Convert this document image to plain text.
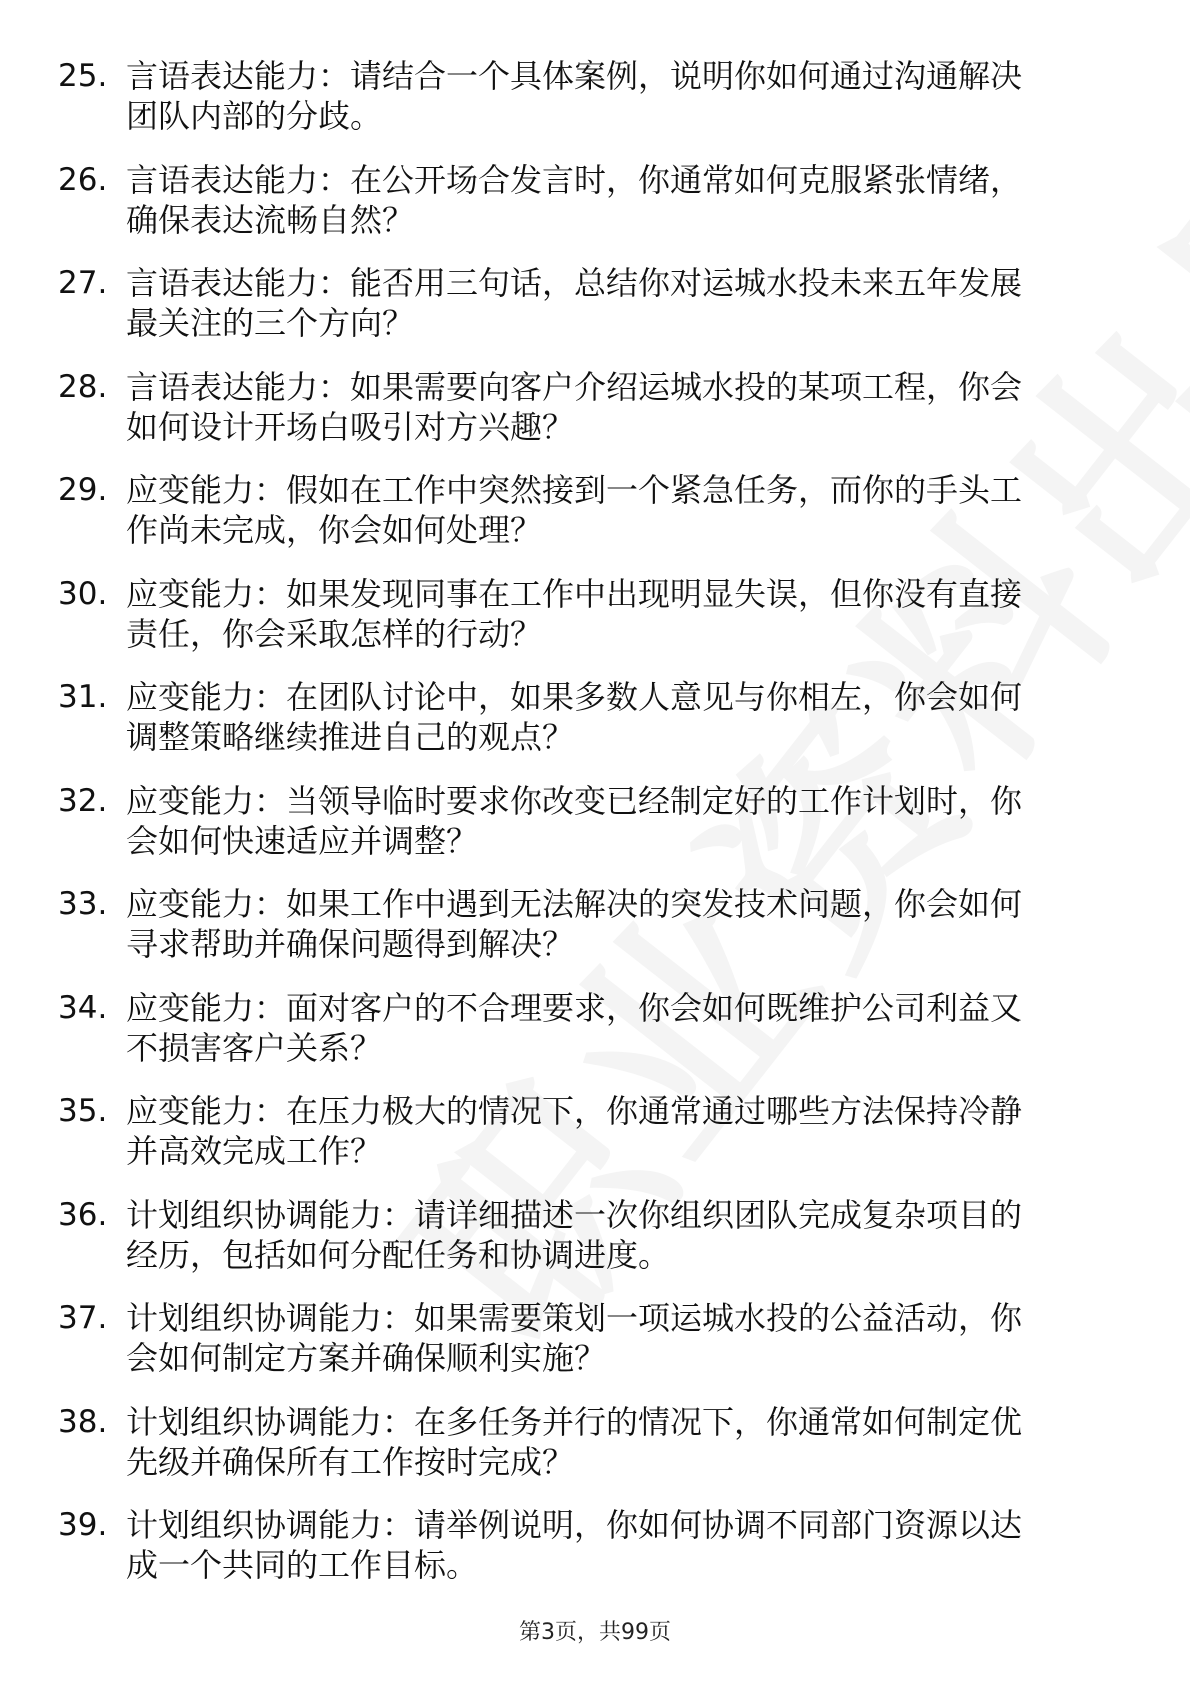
25. 言语表达能力：请结合一个具体案例，说明你如何通过沟通解决
团队内部的分歧。
26. 言语表达能力：在公开场合发言时，你通常如何克服紧张情绪，
确保表达流畅自然？
27. 言语表达能力：能否用三句话，总结你对运城水投未来五年发展
最关注的三个方向？
28. 言语表达能力：如果需要向客户介绍运城水投的某项工程，你会
如何设计开场白吸引对方兴趣？
29. 应变能力：假如在工作中突然接到一个紧急任务，而你的手头工
作尚未完成，你会如何处理？
30. 应变能力：如果发现同事在工作中出现明显失误，但你没有直接
责任，你会采取怎样的行动？
31. 应变能力：在团队讨论中，如果多数人意见与你相左，你会如何
调整策略继续推进自己的观点？
32. 应变能力：当领导临时要求你改变已经制定好的工作计划时，你
会如何快速适应并调整？
33. 应变能力：如果工作中遇到无法解决的突发技术问题，你会如何
寻求帮助并确保问题得到解决？
34. 应变能力：面对客户的不合理要求，你会如何既维护公司利益又
不损害客户关系？
35. 应变能力：在压力极大的情况下，你通常通过哪些方法保持冷静
并高效完成工作？
36. 计划组织协调能力：请详细描述一次你组织团队完成复杂项目的
经历，包括如何分配任务和协调进度。
37. 计划组织协调能力：如果需要策划一项运城水投的公益活动，你
会如何制定方案并确保顺利实施？
38. 计划组织协调能力：在多任务并行的情况下，你通常如何制定优
先级并确保所有工作按时完成？
39. 计划组织协调能力：请举例说明，你如何协调不同部门资源以达
成一个共同的工作目标。
第3页，共99页
